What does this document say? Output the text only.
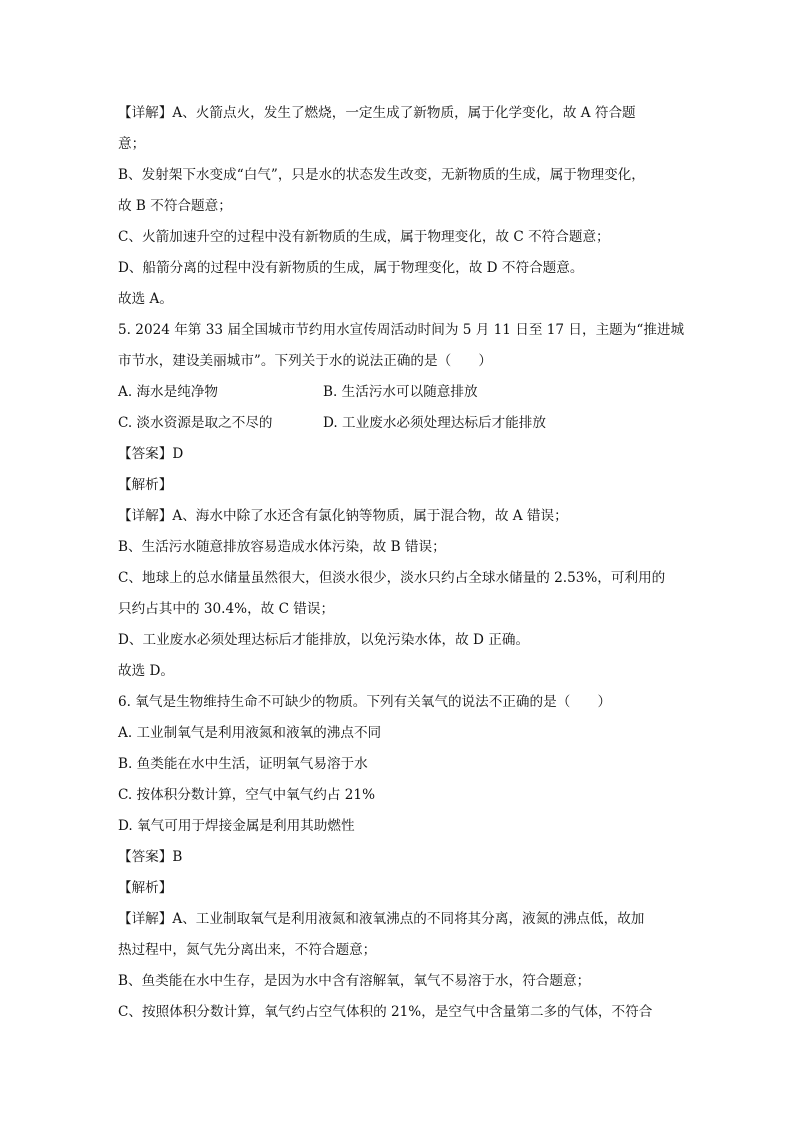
【详解】A、火箭点火，发生了燃烧，一定生成了新物质，属于化学变化，故 A 符合题
意；
B、发射架下水变成“白气”，只是水的状态发生改变，无新物质的生成，属于物理变化，
故 B 不符合题意；
C、火箭加速升空的过程中没有新物质的生成，属于物理变化，故 C 不符合题意；
D、船箭分离的过程中没有新物质的生成，属于物理变化，故 D 不符合题意。
故选 A。
5. 2024 年第 33 届全国城市节约用水宣传周活动时间为 5 月 11 日至 17 日，主题为“推进城
市节水，建设美丽城市”。下列关于水的说法正确的是（　　）
A. 海水是纯净物	B. 生活污水可以随意排放
C. 淡水资源是取之不尽的	D. 工业废水必须处理达标后才能排放
【答案】D
【解析】
【详解】A、海水中除了水还含有氯化钠等物质，属于混合物，故 A 错误；
B、生活污水随意排放容易造成水体污染，故 B 错误；
C、地球上的总水储量虽然很大，但淡水很少，淡水只约占全球水储量的 2.53%，可利用的
只约占其中的 30.4%，故 C 错误；
D、工业废水必须处理达标后才能排放，以免污染水体，故 D 正确。
故选 D。
6. 氧气是生物维持生命不可缺少的物质。下列有关氧气的说法不正确的是（　　）
A. 工业制氧气是利用液氮和液氧的沸点不同
B. 鱼类能在水中生活，证明氧气易溶于水
C. 按体积分数计算，空气中氧气约占 21%
D. 氧气可用于焊接金属是利用其助燃性
【答案】B
【解析】
【详解】A、工业制取氧气是利用液氮和液氧沸点的不同将其分离，液氮的沸点低，故加
热过程中，氮气先分离出来，不符合题意；
B、鱼类能在水中生存，是因为水中含有溶解氧，氧气不易溶于水，符合题意；
C、按照体积分数计算，氧气约占空气体积的 21%，是空气中含量第二多的气体，不符合
